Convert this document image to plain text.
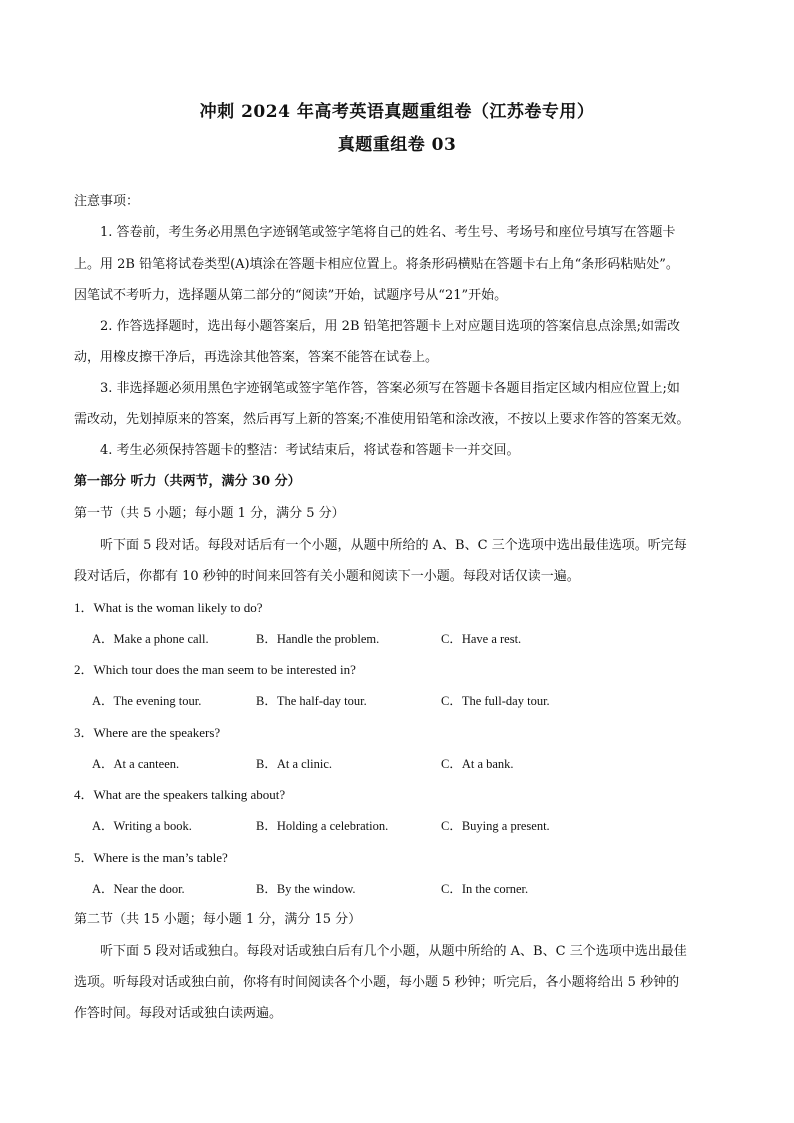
冲刺 2024 年高考英语真题重组卷（江苏卷专用）
真题重组卷 03
注意事项：
1. 答卷前，考生务必用黑色字迹钢笔或签字笔将自己的姓名、考生号、考场号和座位号填写在答题卡
上。用 2B 铅笔将试卷类型(A)填涂在答题卡相应位置上。将条形码横贴在答题卡右上角“条形码粘贴处”。
因笔试不考听力，选择题从第二部分的“阅读”开始，试题序号从“21”开始。
2. 作答选择题时，选出每小题答案后，用 2B 铅笔把答题卡上对应题目选项的答案信息点涂黑;如需改
动，用橡皮擦干净后，再选涂其他答案，答案不能答在试卷上。
3. 非选择题必须用黑色字迹钢笔或签字笔作答，答案必须写在答题卡各题目指定区域内相应位置上;如
需改动，先划掉原来的答案，然后再写上新的答案;不准使用铅笔和涂改液，不按以上要求作答的答案无效。
4. 考生必须保持答题卡的整洁：考试结束后，将试卷和答题卡一并交回。
第一部分 听力（共两节，满分 30 分）
第一节（共 5 小题；每小题 1 分，满分 5 分）
听下面 5 段对话。每段对话后有一个小题，从题中所给的 A、B、C 三个选项中选出最佳选项。听完每
段对话后，你都有 10 秒钟的时间来回答有关小题和阅读下一小题。每段对话仅读一遍。
1．What is the woman likely to do?
A．Make a phone call.	B．Handle the problem.	C．Have a rest.
2．Which tour does the man seem to be interested in?
A．The evening tour.	B．The half-day tour.	C．The full-day tour.
3．Where are the speakers?
A．At a canteen.	B．At a clinic.	C．At a bank.
4．What are the speakers talking about?
A．Writing a book.	B．Holding a celebration.	C．Buying a present.
5．Where is the man’s table?
A．Near the door.	B．By the window.	C．In the corner.
第二节（共 15 小题；每小题 1 分，满分 15 分）
听下面 5 段对话或独白。每段对话或独白后有几个小题，从题中所给的 A、B、C 三个选项中选出最佳
选项。听每段对话或独白前，你将有时间阅读各个小题，每小题 5 秒钟；听完后，各小题将给出 5 秒钟的
作答时间。每段对话或独白读两遍。
